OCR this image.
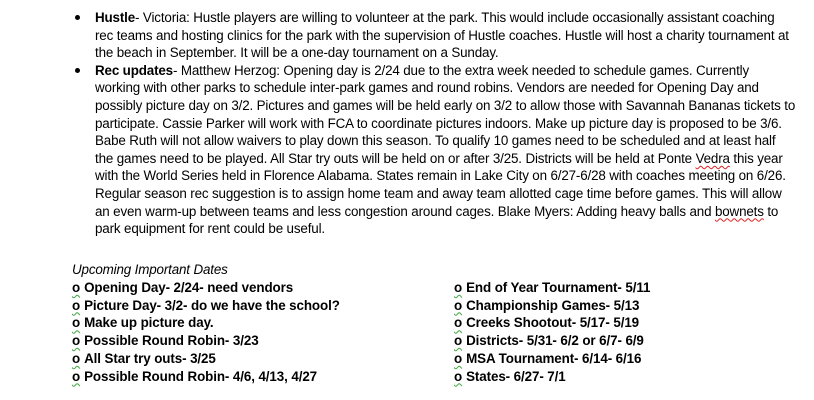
Hustle- Victoria: Hustle players are willing to volunteer at the park. This would include occasionally assistant coaching rec teams and hosting clinics for the park with the supervision of Hustle coaches. Hustle will host a charity tournament at the beach in September. It will be a one-day tournament on a Sunday.
Rec updates- Matthew Herzog: Opening day is 2/24 due to the extra week needed to schedule games. Currently working with other parks to schedule inter-park games and round robins. Vendors are needed for Opening Day and possibly picture day on 3/2. Pictures and games will be held early on 3/2 to allow those with Savannah Bananas tickets to participate. Cassie Parker will work with FCA to coordinate pictures indoors. Make up picture day is proposed to be 3/6. Babe Ruth will not allow waivers to play down this season. To qualify 10 games need to be scheduled and at least half the games need to be played. All Star try outs will be held on or after 3/25. Districts will be held at Ponte Vedra this year with the World Series held in Florence Alabama. States remain in Lake City on 6/27-6/28 with coaches meeting on 6/26. Regular season rec suggestion is to assign home team and away team allotted cage time before games. This will allow an even warm-up between teams and less congestion around cages. Blake Myers: Adding heavy balls and bownets to park equipment for rent could be useful.
Upcoming Important Dates
o Opening Day- 2/24- need vendors
o Picture Day- 3/2- do we have the school?
o Make up picture day.
o Possible Round Robin- 3/23
o All Star try outs- 3/25
o Possible Round Robin- 4/6, 4/13, 4/27
o End of Year Tournament- 5/11
o Championship Games- 5/13
o Creeks Shootout- 5/17- 5/19
o Districts- 5/31- 6/2 or 6/7- 6/9
o MSA Tournament- 6/14- 6/16
o States- 6/27- 7/1
